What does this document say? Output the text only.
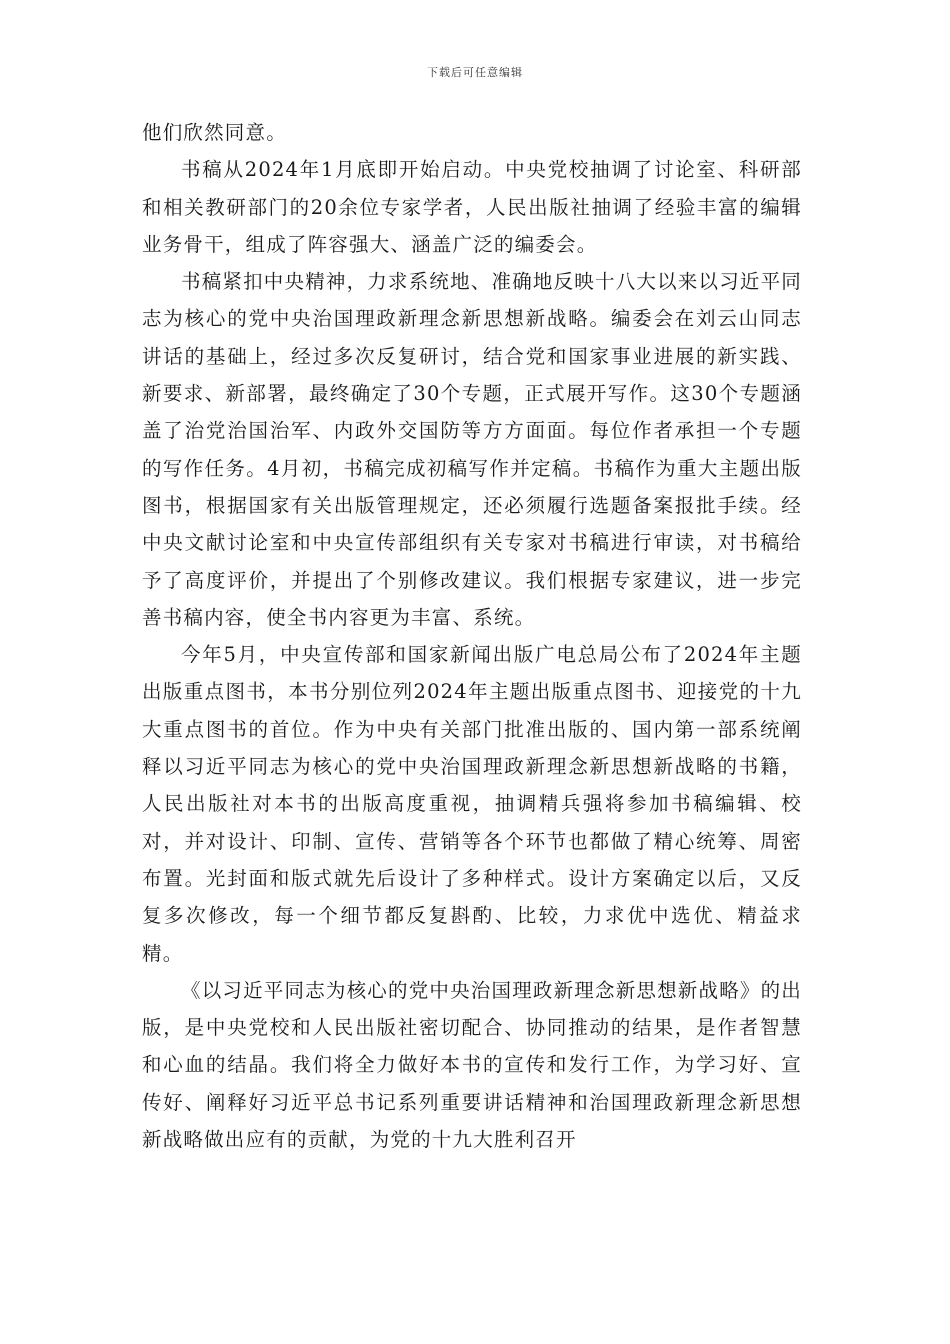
下载后可任意编辑

他们欣然同意。

书稿从2024年1月底即开始启动。中央党校抽调了讨论室、科研部和相关教研部门的20余位专家学者，人民出版社抽调了经验丰富的编辑业务骨干，组成了阵容强大、涵盖广泛的编委会。

书稿紧扣中央精神，力求系统地、准确地反映十八大以来以习近平同志为核心的党中央治国理政新理念新思想新战略。编委会在刘云山同志讲话的基础上，经过多次反复研讨，结合党和国家事业进展的新实践、新要求、新部署，最终确定了30个专题，正式展开写作。这30个专题涵盖了治党治国治军、内政外交国防等方方面面。每位作者承担一个专题的写作任务。4月初，书稿完成初稿写作并定稿。书稿作为重大主题出版图书，根据国家有关出版管理规定，还必须履行选题备案报批手续。经中央文献讨论室和中央宣传部组织有关专家对书稿进行审读，对书稿给予了高度评价，并提出了个别修改建议。我们根据专家建议，进一步完善书稿内容，使全书内容更为丰富、系统。

今年5月，中央宣传部和国家新闻出版广电总局公布了2024年主题出版重点图书，本书分别位列2024年主题出版重点图书、迎接党的十九大重点图书的首位。作为中央有关部门批准出版的、国内第一部系统阐释以习近平同志为核心的党中央治国理政新理念新思想新战略的书籍，人民出版社对本书的出版高度重视，抽调精兵强将参加书稿编辑、校对，并对设计、印制、宣传、营销等各个环节也都做了精心统筹、周密布置。光封面和版式就先后设计了多种样式。设计方案确定以后，又反复多次修改，每一个细节都反复斟酌、比较，力求优中选优、精益求精。

《以习近平同志为核心的党中央治国理政新理念新思想新战略》的出版，是中央党校和人民出版社密切配合、协同推动的结果，是作者智慧和心血的结晶。我们将全力做好本书的宣传和发行工作，为学习好、宣传好、阐释好习近平总书记系列重要讲话精神和治国理政新理念新思想新战略做出应有的贡献，为党的十九大胜利召开
